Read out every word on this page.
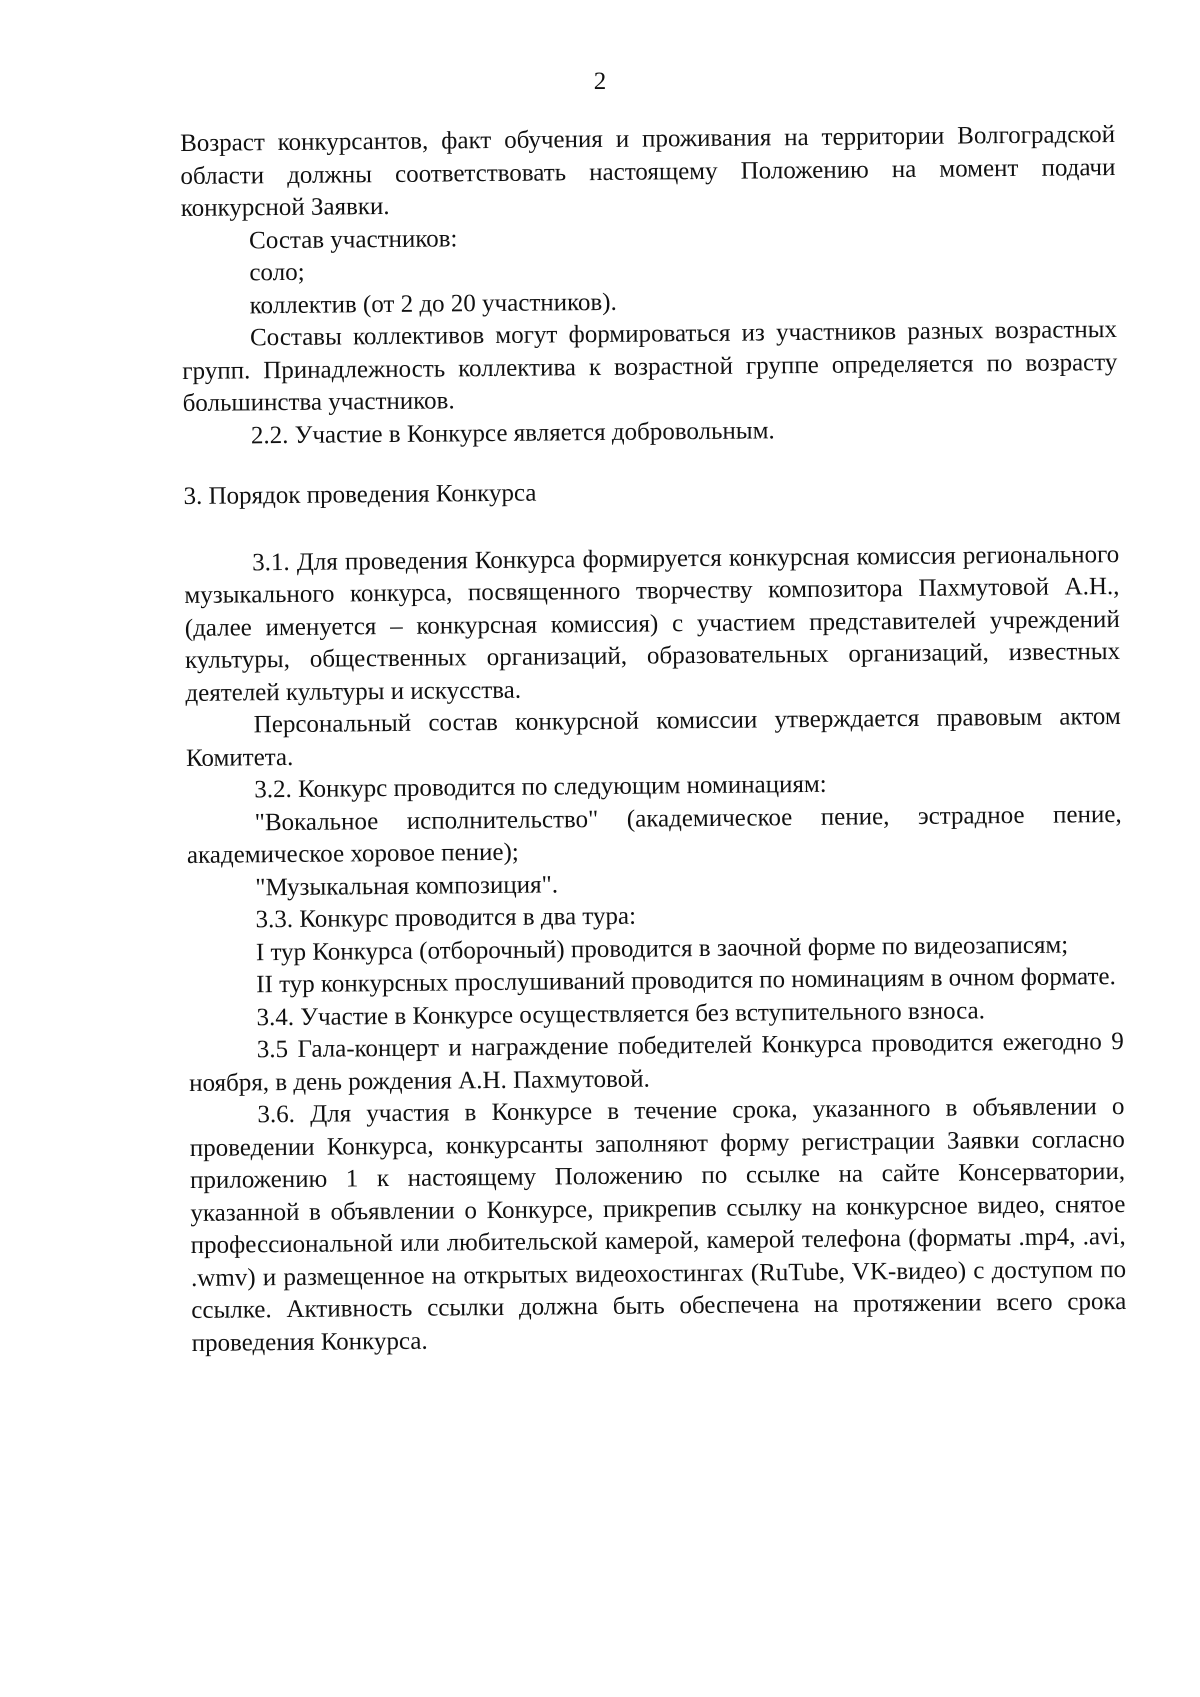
2

Возраст конкурсантов, факт обучения и проживания на территории Волгоградской области должны соответствовать настоящему Положению на момент подачи конкурсной Заявки.

Состав участников:

соло;

коллектив (от 2 до 20 участников).

Составы коллективов могут формироваться из участников разных возрастных групп. Принадлежность коллектива к возрастной группе определяется по возрасту большинства участников.

2.2. Участие в Конкурсе является добровольным.

3. Порядок проведения Конкурса

3.1. Для проведения Конкурса формируется конкурсная комиссия регионального музыкального конкурса, посвященного творчеству композитора Пахмутовой А.Н., (далее именуется – конкурсная комиссия) с участием представителей учреждений культуры, общественных организаций, образовательных организаций, известных деятелей культуры и искусства.

Персональный состав конкурсной комиссии утверждается правовым актом Комитета.

3.2. Конкурс проводится по следующим номинациям:

"Вокальное исполнительство" (академическое пение, эстрадное пение, академическое хоровое пение);

"Музыкальная композиция".

3.3. Конкурс проводится в два тура:

I тур Конкурса (отборочный) проводится в заочной форме по видеозаписям;

II тур конкурсных прослушиваний проводится по номинациям в очном формате.

3.4. Участие в Конкурсе осуществляется без вступительного взноса.

3.5 Гала-концерт и награждение победителей Конкурса проводится ежегодно 9 ноября, в день рождения А.Н. Пахмутовой.

3.6. Для участия в Конкурсе в течение срока, указанного в объявлении о проведении Конкурса, конкурсанты заполняют форму регистрации Заявки согласно приложению 1 к настоящему Положению по ссылке на сайте Консерватории, указанной в объявлении о Конкурсе, прикрепив ссылку на конкурсное видео, снятое профессиональной или любительской камерой, камерой телефона (форматы .mp4, .avi, .wmv) и размещенное на открытых видеохостингах (RuTube, VK-видео) с доступом по ссылке. Активность ссылки должна быть обеспечена на протяжении всего срока проведения Конкурса.
